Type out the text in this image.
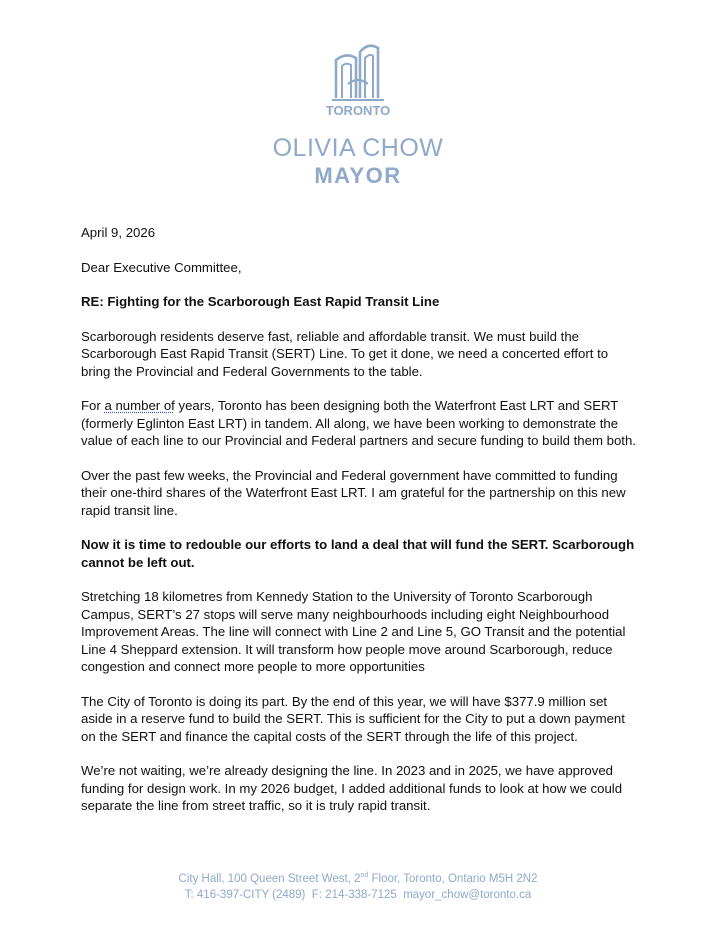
TORONTO
OLIVIA CHOW
MAYOR

April 9, 2026

Dear Executive Committee,

RE: Fighting for the Scarborough East Rapid Transit Line

Scarborough residents deserve fast, reliable and affordable transit. We must build the Scarborough East Rapid Transit (SERT) Line. To get it done, we need a concerted effort to bring the Provincial and Federal Governments to the table.

For a number of years, Toronto has been designing both the Waterfront East LRT and SERT (formerly Eglinton East LRT) in tandem. All along, we have been working to demonstrate the value of each line to our Provincial and Federal partners and secure funding to build them both.

Over the past few weeks, the Provincial and Federal government have committed to funding their one-third shares of the Waterfront East LRT. I am grateful for the partnership on this new rapid transit line.

Now it is time to redouble our efforts to land a deal that will fund the SERT. Scarborough cannot be left out.

Stretching 18 kilometres from Kennedy Station to the University of Toronto Scarborough Campus, SERT’s 27 stops will serve many neighbourhoods including eight Neighbourhood Improvement Areas. The line will connect with Line 2 and Line 5, GO Transit and the potential Line 4 Sheppard extension. It will transform how people move around Scarborough, reduce congestion and connect more people to more opportunities

The City of Toronto is doing its part. By the end of this year, we will have $377.9 million set aside in a reserve fund to build the SERT. This is sufficient for the City to put a down payment on the SERT and finance the capital costs of the SERT through the life of this project.

We’re not waiting, we’re already designing the line. In 2023 and in 2025, we have approved funding for design work. In my 2026 budget, I added additional funds to look at how we could separate the line from street traffic, so it is truly rapid transit.

City Hall, 100 Queen Street West, 2nd Floor, Toronto, Ontario M5H 2N2
T: 416-397-CITY (2489) F: 214-338-7125 mayor_chow@toronto.ca
